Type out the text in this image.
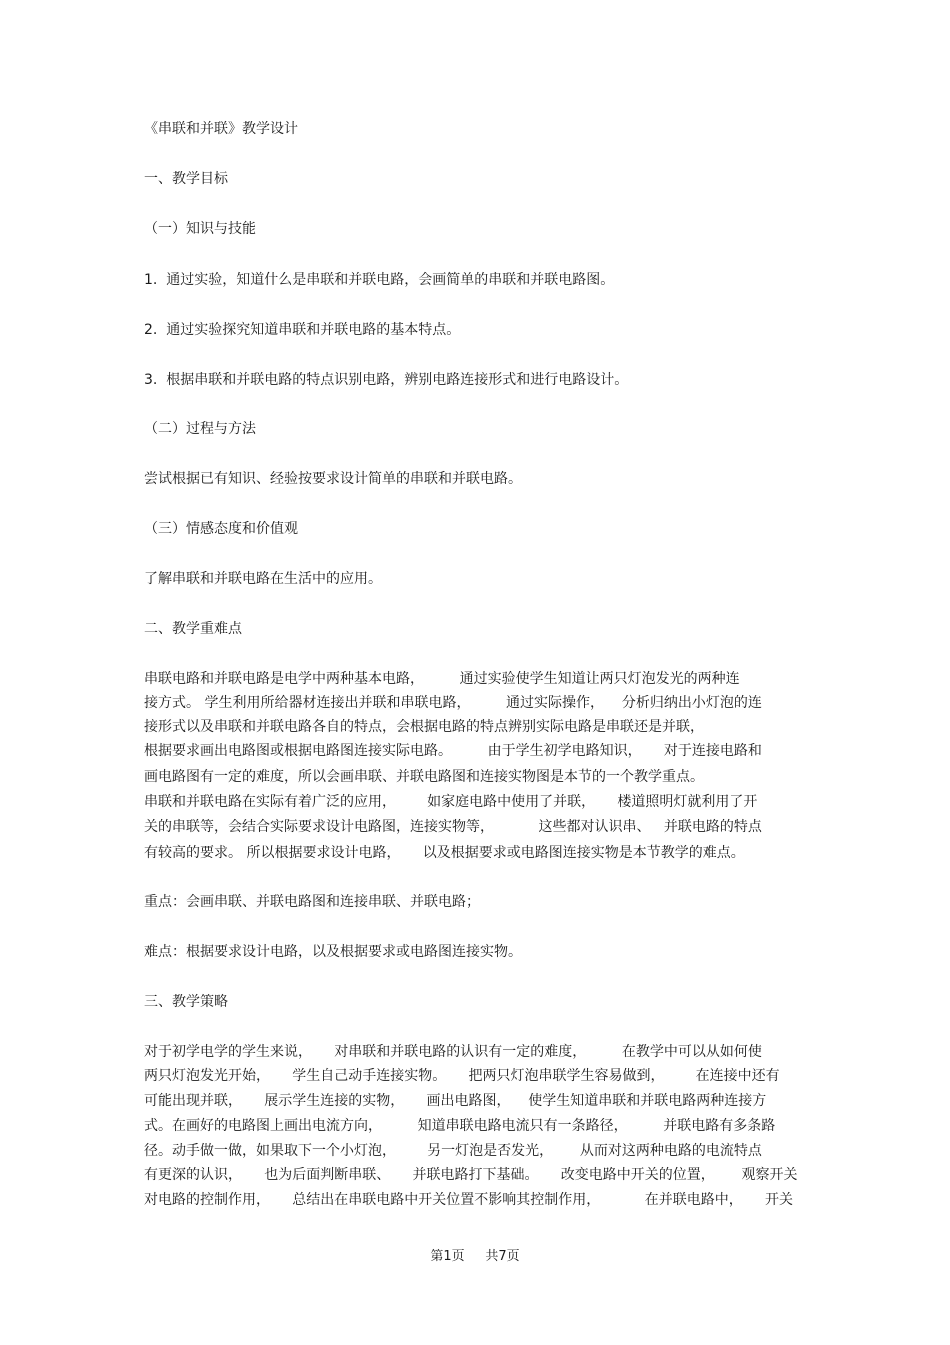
《串联和并联》教学设计

一、教学目标

（一）知识与技能

1.  通过实验，知道什么是串联和并联电路，会画简单的串联和并联电路图。

2.  通过实验探究知道串联和并联电路的基本特点。

3.  根据串联和并联电路的特点识别电路，辨别电路连接形式和进行电路设计。

（二）过程与方法

尝试根据已有知识、经验按要求设计简单的串联和并联电路。

（三）情感态度和价值观

了解串联和并联电路在生活中的应用。

二、教学重难点

串联电路和并联电路是电学中两种基本电路，        通过实验使学生知道让两只灯泡发光的两种连

接方式。 学生利用所给器材连接出并联和串联电路，        通过实际操作，    分析归纳出小灯泡的连

接形式以及串联和并联电路各自的特点，会根据电路的特点辨别实际电路是串联还是并联，

根据要求画出电路图或根据电路图连接实际电路。        由于学生初学电路知识，     对于连接电路和

画电路图有一定的难度，所以会画串联、并联电路图和连接实物图是本节的一个教学重点。

串联和并联电路在实际有着广泛的应用，       如家庭电路中使用了并联，     楼道照明灯就利用了开

关的串联等，会结合实际要求设计电路图，连接实物等，          这些都对认识串、   并联电路的特点

有较高的要求。 所以根据要求设计电路，     以及根据要求或电路图连接实物是本节教学的难点。

重点：会画串联、并联电路图和连接串联、并联电路；

难点：根据要求设计电路，以及根据要求或电路图连接实物。

三、教学策略

对于初学电学的学生来说，     对串联和并联电路的认识有一定的难度，        在教学中可以从如何使

两只灯泡发光开始，     学生自己动手连接实物。     把两只灯泡串联学生容易做到，       在连接中还有

可能出现并联，     展示学生连接的实物，     画出电路图，    使学生知道串联和并联电路两种连接方

式。在画好的电路图上画出电流方向，        知道串联电路电流只有一条路径，        并联电路有多条路

径。动手做一做，如果取下一个小灯泡，       另一灯泡是否发光，      从而对这两种电路的电流特点

有更深的认识，     也为后面判断串联、     并联电路打下基础。     改变电路中开关的位置，      观察开关

对电路的控制作用，     总结出在串联电路中开关位置不影响其控制作用，          在并联电路中，     开关

第1页     共7页
